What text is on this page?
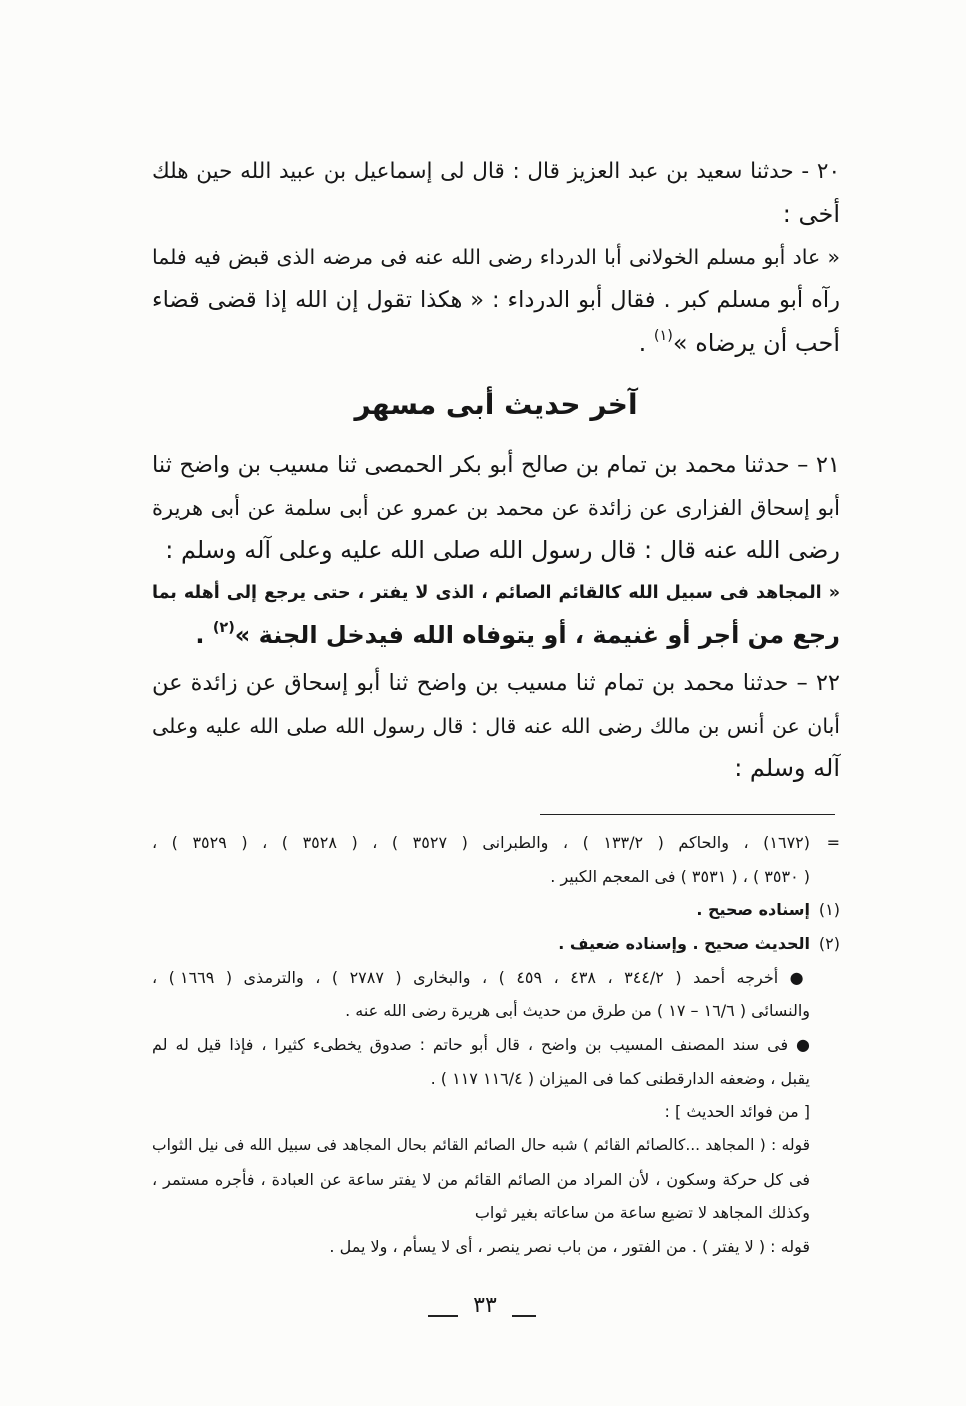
٢٠ - حدثنا سعيد بن عبد العزيز قال : قال لى إسماعيل بن عبيد الله حين هلك
أخى :
« عاد أبو مسلم الخولانى أبا الدرداء رضى الله عنه فى مرضه الذى قبض فيه فلما
رآه أبو مسلم كبر . فقال أبو الدرداء : « هكذا تقول إن الله إذا قضى قضاء
أحب أن يرضاه »$^{(١)}$ .
آخر حديث أبى مسهر
٢١ – حدثنا محمد بن تمام بن صالح أبو بكر الحمصى ثنا مسيب بن واضح ثنا
أبو إسحاق الفزارى عن زائدة عن محمد بن عمرو عن أبى سلمة عن أبى هريرة
رضى الله عنه قال : قال رسول الله صلى الله عليه وعلى آله وسلم :
« المجاهد فى سبيل الله كالقائم الصائم ، الذى لا يفتر ، حتى يرجع إلى أهله بما
رجع من أجر أو غنيمة ، أو يتوفاه الله فيدخل الجنة »$^{(٢)}$ .
٢٢ – حدثنا محمد بن تمام ثنا مسيب بن واضح ثنا أبو إسحاق عن زائدة عن
أبان عن أنس بن مالك رضى الله عنه قال : قال رسول الله صلى الله عليه وعلى
آله وسلم :
=
(١٦٧٢) ، والحاكم ( ١٣٣/٢ ) ، والطبرانى ( ٣٥٢٧ ) ، ( ٣٥٢٨ ) ، ( ٣٥٢٩ ) ،
( ٣٥٣٠ ) ، ( ٣٥٣١ ) فى المعجم الكبير .
(١)
إسناده صحيح .
(٢)
الحديث صحيح . وإسناده ضعيف .
● أخرجه أحمد ( ٣٤٤/٢ ، ٤٣٨ ، ٤٥٩ ) ، والبخارى ( ٢٧٨٧ ) ، والترمذى ( ١٦٦٩ ) ،
والنسائى ( ١٦/٦ – ١٧ ) من طرق من حديث أبى هريرة رضى الله عنه .
● فى سند المصنف المسيب بن واضح ، قال أبو حاتم : صدوق يخطىء كثيرا ، فإذا قيل له لم
يقبل ، وضعفه الدارقطنى كما فى الميزان ( ١١٦/٤ ١١٧ ) .
[ من فوائد الحديث ] :
قوله : ( المجاهد ...كالصائم القائم ) شبه حال الصائم القائم بحال المجاهد فى سبيل الله فى نيل الثواب
فى كل حركة وسكون ، لأن المراد من الصائم القائم من لا يفتر ساعة عن العبادة ، فأجره مستمر ،
وكذلك المجاهد لا تضيع ساعة من ساعاته بغير ثواب
قوله : ( لا يفتر ) . من الفتور ، من باب نصر ينصر ، أى لا يسأم ، ولا يمل .
٣٣
